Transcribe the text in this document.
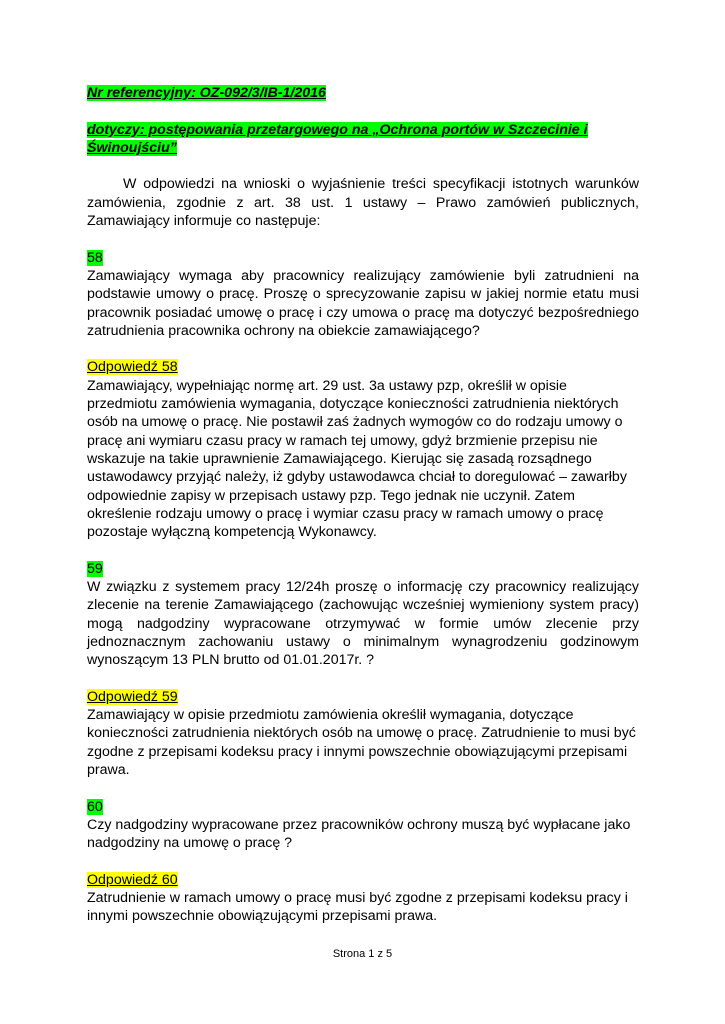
Nr referencyjny: OZ-092/3/IB-1/2016
dotyczy: postępowania przetargowego na „Ochrona portów w Szczecinie i Świnoujściu”

W odpowiedzi na wnioski o wyjaśnienie treści specyfikacji istotnych warunków zamówienia, zgodnie z art. 38 ust. 1 ustawy – Prawo zamówień publicznych, Zamawiający informuje co następuje:

58

Zamawiający wymaga aby pracownicy realizujący zamówienie byli zatrudnieni na podstawie umowy o pracę. Proszę o sprecyzowanie zapisu w jakiej normie etatu musi pracownik posiadać umowę o pracę i czy umowa o pracę ma dotyczyć bezpośredniego zatrudnienia pracownika ochrony na obiekcie zamawiającego?

Odpowiedź 58

Zamawiający, wypełniając normę art. 29 ust. 3a ustawy pzp, określił w opisie przedmiotu zamówienia wymagania, dotyczące konieczności zatrudnienia niektórych osób na umowę o pracę. Nie postawił zaś żadnych wymogów co do rodzaju umowy o pracę ani wymiaru czasu pracy w ramach tej umowy, gdyż brzmienie przepisu nie wskazuje na takie uprawnienie Zamawiającego. Kierując się zasadą rozsądnego ustawodawcy przyjąć należy, iż gdyby ustawodawca chciał to doregulować – zawarłby odpowiednie zapisy w przepisach ustawy pzp. Tego jednak nie uczynił. Zatem określenie rodzaju umowy o pracę i wymiar czasu pracy w ramach umowy o pracę pozostaje wyłączną kompetencją Wykonawcy.

59

W związku z systemem pracy 12/24h proszę o informację czy pracownicy realizujący zlecenie na terenie Zamawiającego (zachowując wcześniej wymieniony system pracy) mogą nadgodziny wypracowane otrzymywać w formie umów zlecenie przy jednoznacznym zachowaniu ustawy o minimalnym wynagrodzeniu godzinowym wynoszącym 13 PLN brutto od 01.01.2017r. ?

Odpowiedź 59

Zamawiający w opisie przedmiotu zamówienia określił wymagania, dotyczące konieczności zatrudnienia niektórych osób na umowę o pracę. Zatrudnienie to musi być zgodne z przepisami kodeksu pracy i innymi powszechnie obowiązującymi przepisami prawa.

60

Czy nadgodziny wypracowane przez pracowników ochrony muszą być wypłacane jako nadgodziny na umowę o pracę ?

Odpowiedź 60

Zatrudnienie w ramach umowy o pracę musi być zgodne z przepisami kodeksu pracy i innymi powszechnie obowiązującymi przepisami prawa.

Strona 1 z 5
